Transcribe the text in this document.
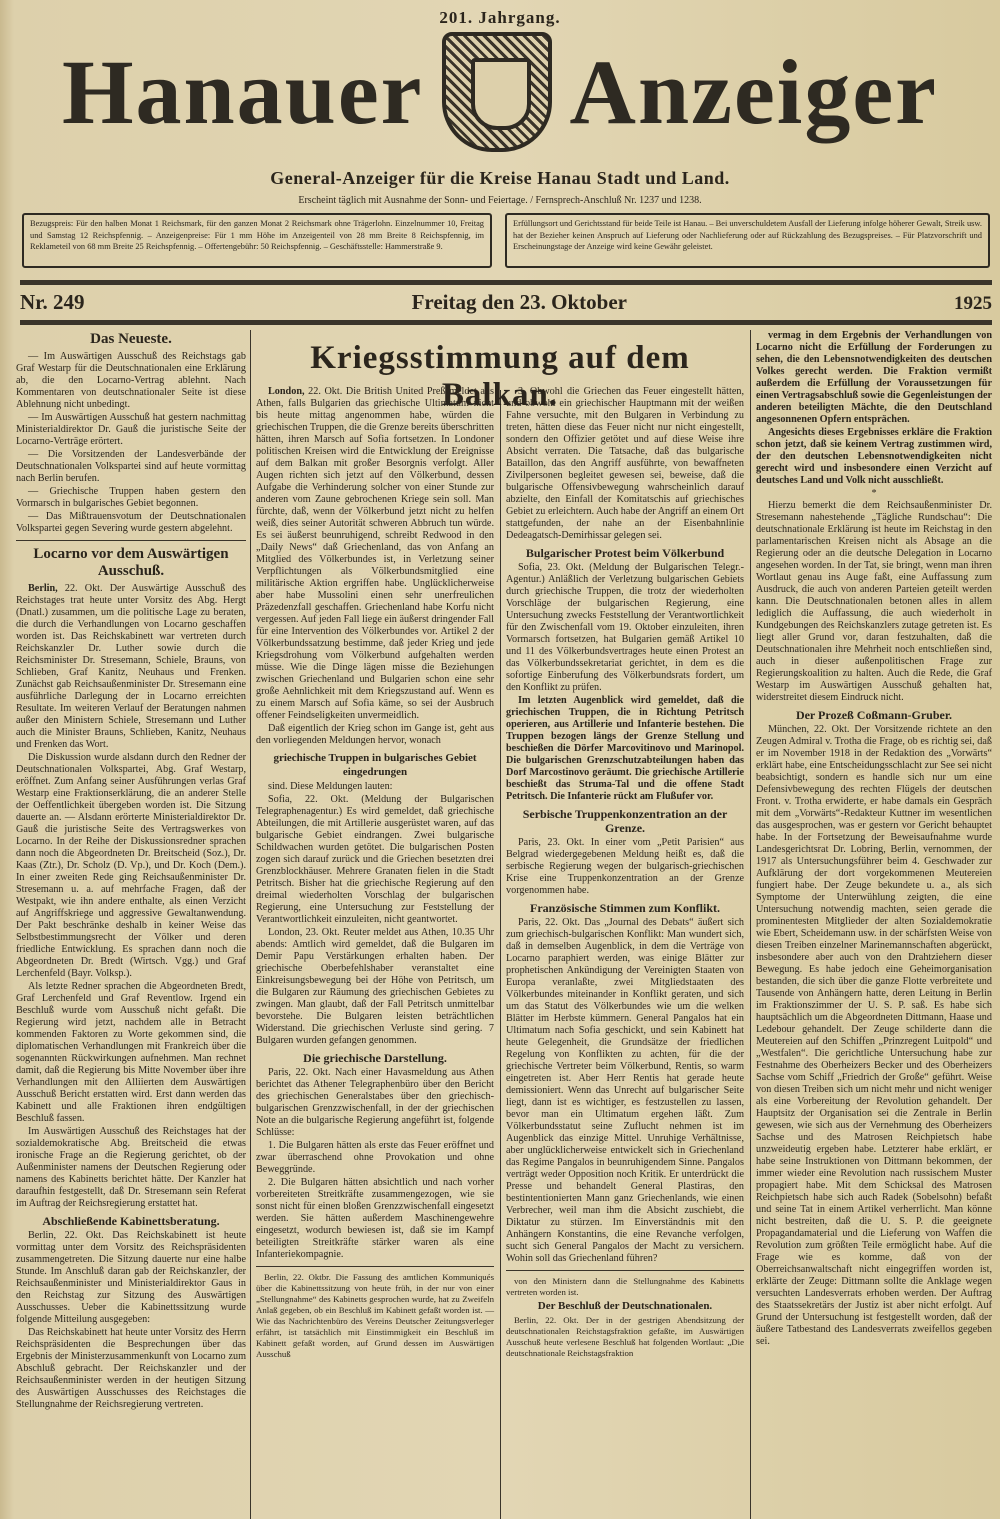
201. Jahrgang.
Hanauer Anzeiger
General-Anzeiger für die Kreise Hanau Stadt und Land.
Erscheint täglich mit Ausnahme der Sonn- und Feiertage. / Fernsprech-Anschluß Nr. 1237 und 1238.
Bezugspreis: Für den halben Monat 1 Reichsmark, für den ganzen Monat 2 Reichsmark ohne Trägerlohn. Einzelnummer 10, Freitag und Samstag 12 Reichspfennig. – Anzeigenpreise: Für 1 mm Höhe im Anzeigenteil von 28 mm Breite 8 Reichspfennig, im Reklameteil von 68 mm Breite 25 Reichspfennig. – Offertengebühr: 50 Reichspfennig. – Geschäftsstelle: Hammerstraße 9.
Erfüllungsort und Gerichtsstand für beide Teile ist Hanau. – Bei unverschuldetem Ausfall der Lieferung infolge höherer Gewalt, Streik usw. hat der Bezieher keinen Anspruch auf Lieferung oder Nachlieferung oder auf Rückzahlung des Bezugspreises. – Für Platzvorschrift und Erscheinungstage der Anzeige wird keine Gewähr geleistet.
Nr. 249	Freitag den 23. Oktober	1925
Das Neueste.

— Im Auswärtigen Ausschuß des Reichstags gab Graf Westarp für die Deutschnationalen eine Erklärung ab, die den Locarno-Vertrag ablehnt. Nach Kommentaren von deutschnationaler Seite ist diese Ablehnung nicht unbedingt.

— Im Auswärtigen Ausschuß hat gestern nachmittag Ministerialdirektor Dr. Gauß die juristische Seite der Locarno-Verträge erörtert.

— Die Vorsitzenden der Landesverbände der Deutschnationalen Volkspartei sind auf heute vormittag nach Berlin berufen.

— Griechische Truppen haben gestern den Vormarsch in bulgarisches Gebiet begonnen.

— Das Mißtrauensvotum der Deutschnationalen Volkspartei gegen Severing wurde gestern abgelehnt.

Locarno vor dem Auswärtigen Ausschuß.

Berlin, 22. Okt. Der Auswärtige Ausschuß des Reichstages trat heute unter Vorsitz des Abg. Hergt (Dnatl.) zusammen, um die politische Lage zu beraten, die durch die Verhandlungen von Locarno geschaffen worden ist. Das Reichskabinett war vertreten durch Reichskanzler Dr. Luther sowie durch die Reichsminister Dr. Stresemann, Schiele, Brauns, von Schlieben, Graf Kanitz, Neuhaus und Frenken. Zunächst gab Reichsaußenminister Dr. Stresemann eine ausführliche Darlegung der in Locarno erreichten Resultate. Im weiteren Verlauf der Beratungen nahmen außer den Ministern Schiele, Stresemann und Luther auch die Minister Brauns, Schlieben, Kanitz, Neuhaus und Frenken das Wort.

Die Diskussion wurde alsdann durch den Redner der Deutschnationalen Volkspartei, Abg. Graf Westarp, eröffnet. Zum Anfang seiner Ausführungen verlas Graf Westarp eine Fraktionserklärung, die an anderer Stelle der Oeffentlichkeit übergeben worden ist. Die Sitzung dauerte an. — Alsdann erörterte Ministerialdirektor Dr. Gauß die juristische Seite des Vertragswerkes von Locarno. In der Reihe der Diskussionsredner sprachen dann noch die Abgeordneten Dr. Breitscheid (Soz.), Dr. Kaas (Ztr.), Dr. Scholz (D. Vp.), und Dr. Koch (Dem.). In einer zweiten Rede ging Reichsaußenminister Dr. Stresemann u. a. auf mehrfache Fragen, daß der Westpakt, wie ihn andere enthalte, als einen Verzicht auf Angriffskriege und aggressive Gewaltanwendung. Der Pakt beschränke deshalb in keiner Weise das Selbstbestimmungsrecht der Völker und deren friedliche Entwicklung. Es sprachen dann noch die Abgeordneten Dr. Bredt (Wirtsch. Vgg.) und Graf Lerchenfeld (Bayr. Volksp.).

Als letzte Redner sprachen die Abgeordneten Bredt, Graf Lerchenfeld und Graf Reventlow. Irgend ein Beschluß wurde vom Ausschuß nicht gefaßt. Die Regierung wird jetzt, nachdem alle in Betracht kommenden Faktoren zu Worte gekommen sind, die diplomatischen Verhandlungen mit Frankreich über die sogenannten Rückwirkungen aufnehmen. Man rechnet damit, daß die Regierung bis Mitte November über ihre Verhandlungen mit den Alliierten dem Auswärtigen Ausschuß Bericht erstatten wird. Erst dann werden das Kabinett und alle Fraktionen ihren endgültigen Beschluß fassen.

Im Auswärtigen Ausschuß des Reichstages hat der sozialdemokratische Abg. Breitscheid die etwas ironische Frage an die Regierung gerichtet, ob der Außenminister namens der Deutschen Regierung oder namens des Kabinetts berichtet hätte. Der Kanzler hat daraufhin festgestellt, daß Dr. Stresemann sein Referat im Auftrag der Reichsregierung erstattet hat.

Abschließende Kabinettsberatung.

Berlin, 22. Okt. Das Reichskabinett ist heute vormittag unter dem Vorsitz des Reichspräsidenten zusammengetreten. Die Sitzung dauerte nur eine halbe Stunde. Im Anschluß daran gab der Reichskanzler, der Reichsaußenminister und Ministerialdirektor Gaus in den Reichstag zur Sitzung des Auswärtigen Ausschusses. Ueber die Kabinettssitzung wurde folgende Mitteilung ausgegeben:

Das Reichskabinett hat heute unter Vorsitz des Herrn Reichspräsidenten die Besprechungen über das Ergebnis der Ministerzusammenkunft von Locarno zum Abschluß gebracht. Der Reichskanzler und der Reichsaußenminister werden in der heutigen Sitzung des Auswärtigen Ausschusses des Reichstages die Stellungnahme der Reichsregierung vertreten.

Kriegsstimmung auf dem Balkan.

London, 22. Okt. Die British United Preß meldet aus Athen, falls Bulgarien das griechische Ultimatum nicht bis heute mittag angenommen habe, würden die griechischen Truppen, die die Grenze bereits überschritten hätten, ihren Marsch auf Sofia fortsetzen. In Londoner politischen Kreisen wird die Entwicklung der Ereignisse auf dem Balkan mit großer Besorgnis verfolgt. Aller Augen richten sich jetzt auf den Völkerbund, dessen Aufgabe die Verhinderung solcher von einer Stunde zur anderen vom Zaune gebrochenen Kriege sein soll. Man fürchte, daß, wenn der Völkerbund jetzt nicht zu helfen weiß, dies seiner Autorität schweren Abbruch tun würde. Es sei äußerst beunruhigend, schreibt Redwood in den „Daily News“ daß Griechenland, das von Anfang an Mitglied des Völkerbundes ist, in Verletzung seiner Verpflichtungen als Völkerbundsmitglied eine militärische Aktion ergriffen habe. Unglücklicherweise aber habe Mussolini einen sehr unerfreulichen Präzedenzfall geschaffen. Griechenland habe Korfu nicht vergessen. Auf jeden Fall liege ein äußerst dringender Fall für eine Intervention des Völkerbundes vor. Artikel 2 der Völkerbundssatzung bestimme, daß jeder Krieg und jede Kriegsdrohung vom Völkerbund aufgehalten werden müsse. Wie die Dinge lägen misse die Beziehungen zwischen Griechenland und Bulgarien schon eine sehr große Aehnlichkeit mit dem Kriegszustand auf. Wenn es zu einem Marsch auf Sofia käme, so sei der Ausbruch offener Feindseligkeiten unvermeidlich.

Daß eigentlich der Krieg schon im Gange ist, geht aus den vorliegenden Meldungen hervor, wonach

griechische Truppen in bulgarisches Gebiet eingedrungen

sind. Diese Meldungen lauten:

Sofia, 22. Okt. (Meldung der Bulgarischen Telegraphenagentur.) Es wird gemeldet, daß griechische Abteilungen, die mit Artillerie ausgerüstet waren, auf das bulgarische Gebiet eindrangen. Zwei bulgarische Schildwachen wurden getötet. Die bulgarischen Posten zogen sich darauf zurück und die Griechen besetzten drei Grenzblockhäuser. Mehrere Granaten fielen in die Stadt Petritsch. Bisher hat die griechische Regierung auf den dreimal wiederholten Vorschlag der bulgarischen Regierung, eine Untersuchung zur Feststellung der Verantwortlichkeit einzuleiten, nicht geantwortet.

London, 23. Okt. Reuter meldet aus Athen, 10.35 Uhr abends: Amtlich wird gemeldet, daß die Bulgaren im Demir Papu Verstärkungen erhalten haben. Der griechische Oberbefehlshaber veranstaltet eine Einkreisungsbewegung bei der Höhe von Petritsch, um die Bulgaren zur Räumung des griechischen Gebietes zu zwingen. Man glaubt, daß der Fall Petritsch unmittelbar bevorstehe. Die Bulgaren leisten beträchtlichen Widerstand. Die griechischen Verluste sind gering. 7 Bulgaren wurden gefangen genommen.

Die griechische Darstellung.

Paris, 22. Okt. Nach einer Havasmeldung aus Athen berichtet das Athener Telegraphenbüro über den Bericht des griechischen Generalstabes über den griechisch-bulgarischen Grenzzwischenfall, in der der griechischen Note an die bulgarische Regierung angeführt ist, folgende Schlüsse:

1. Die Bulgaren hätten als erste das Feuer eröffnet und zwar überraschend ohne Provokation und ohne Beweggründe.

2. Die Bulgaren hätten absichtlich und nach vorher vorbereiteten Streitkräfte zusammengezogen, wie sie sonst nicht für einen bloßen Grenzzwischenfall eingesetzt werden. Sie hätten außerdem Maschinengewehre eingesetzt, wodurch bewiesen ist, daß sie im Kampf beteiligten Streitkräfte stärker waren als eine Infanteriekompagnie.

Berlin, 22. Oktbr. Die Fassung des amtlichen Kommuniqués über die Kabinettssitzung von heute früh, in der nur von einer „Stellungnahme“ des Kabinetts gesprochen wurde, hat zu Zweifeln Anlaß gegeben, ob ein Beschluß im Kabinett gefaßt worden ist. — Wie das Nachrichtenbüro des Vereins Deutscher Zeitungsverleger erfährt, ist tatsächlich mit Einstimmigkeit ein Beschluß im Kabinett gefaßt worden, auf Grund dessen im Auswärtigen Ausschuß

3. Obwohl die Griechen das Feuer eingestellt hätten, und obwohl ein griechischer Hauptmann mit der weißen Fahne versuchte, mit den Bulgaren in Verbindung zu treten, hätten diese das Feuer nicht nur nicht eingestellt, sondern den Offizier getötet und auf diese Weise ihre Absicht verraten. Die Tatsache, daß das bulgarische Bataillon, das den Angriff ausführte, von bewaffneten Zivilpersonen begleitet gewesen sei, beweise, daß die bulgarische Offensivbewegung wahrscheinlich darauf abzielte, den Einfall der Komitatschis auf griechisches Gebiet zu erleichtern. Auch habe der Angriff an einem Ort stattgefunden, der nahe an der Eisenbahnlinie Dedeagatsch-Demirhissar gelegen sei.

Bulgarischer Protest beim Völkerbund

Sofia, 23. Okt. (Meldung der Bulgarischen Telegr.-Agentur.) Anläßlich der Verletzung bulgarischen Gebiets durch griechische Truppen, die trotz der wiederholten Vorschläge der bulgarischen Regierung, eine Untersuchung zwecks Feststellung der Verantwortlichkeit für den Zwischenfall vom 19. Oktober einzuleiten, ihren Vormarsch fortsetzen, hat Bulgarien gemäß Artikel 10 und 11 des Völkerbundsvertrages heute einen Protest an das Völkerbundssekretariat gerichtet, in dem es die sofortige Einberufung des Völkerbundsrats fordert, um den Konflikt zu prüfen.

Im letzten Augenblick wird gemeldet, daß die griechischen Truppen, die in Richtung Petritsch operieren, aus Artillerie und Infanterie bestehen. Die Truppen bezogen längs der Grenze Stellung und beschießen die Dörfer Marcovitinovo und Marinopol. Die bulgarischen Grenzschutzabteilungen haben das Dorf Marcostinovo geräumt. Die griechische Artillerie beschießt das Struma-Tal und die offene Stadt Petritsch. Die Infanterie rückt am Flußufer vor.

Serbische Truppenkonzentration an der Grenze.

Paris, 23. Okt. In einer vom „Petit Parisien“ aus Belgrad wiedergegebenen Meldung heißt es, daß die serbische Regierung wegen der bulgarisch-griechischen Krise eine Truppenkonzentration an der Grenze vorgenommen habe.

Französische Stimmen zum Konflikt.

Paris, 22. Okt. Das „Journal des Debats“ äußert sich zum griechisch-bulgarischen Konflikt: Man wundert sich, daß in demselben Augenblick, in dem die Verträge von Locarno paraphiert werden, was einige Blätter zur prophetischen Ankündigung der Vereinigten Staaten von Europa veranlaßte, zwei Mitgliedstaaten des Völkerbundes miteinander in Konflikt geraten, und sich um das Statut des Völkerbundes wie um die welken Blätter im Herbste kümmern. General Pangalos hat ein Ultimatum nach Sofia geschickt, und sein Kabinett hat heute Gelegenheit, die Grundsätze der friedlichen Regelung von Konflikten zu achten, für die der griechische Vertreter beim Völkerbund, Rentis, so warm eingetreten ist. Aber Herr Rentis hat gerade heute demissioniert. Wenn das Unrecht auf bulgarischer Seite liegt, dann ist es wichtiger, es festzustellen zu lassen, bevor man ein Ultimatum ergehen läßt. Zum Völkerbundsstatut seine Zuflucht nehmen ist im Augenblick das einzige Mittel. Unruhige Verhältnisse, aber unglücklicherweise entwickelt sich in Griechenland das Regime Pangalos in beunruhigendem Sinne. Pangalos verträgt weder Opposition noch Kritik. Er unterdrückt die Presse und behandelt General Plastiras, den bestintentionierten Mann ganz Griechenlands, wie einen Verbrecher, weil man ihm die Absicht zuschiebt, die Diktatur zu stürzen. Im Einverständnis mit den Anhängern Konstantins, die eine Revanche verfolgen, sucht sich General Pangalos der Macht zu versichern. Wohin soll das Griechenland führen?

von den Ministern dann die Stellungnahme des Kabinetts vertreten worden ist.

Der Beschluß der Deutschnationalen.

Berlin, 22. Okt. Der in der gestrigen Abendsitzung der deutschnationalen Reichstagsfraktion gefaßte, im Auswärtigen Ausschuß heute verlesene Beschluß hat folgenden Wortlaut: „Die deutschnationale Reichstagsfraktion

vermag in dem Ergebnis der Verhandlungen von Locarno nicht die Erfüllung der Forderungen zu sehen, die den Lebensnotwendigkeiten des deutschen Volkes gerecht werden. Die Fraktion vermißt außerdem die Erfüllung der Voraussetzungen für einen Vertragsabschluß sowie die Gegenleistungen der anderen beteiligten Mächte, die den Deutschland angesonnenen Opfern entsprächen.

Angesichts dieses Ergebnisses erkläre die Fraktion schon jetzt, daß sie keinem Vertrag zustimmen wird, der den deutschen Lebensnotwendigkeiten nicht gerecht wird und insbesondere einen Verzicht auf deutsches Land und Volk nicht ausschließt.

*

Hierzu bemerkt die dem Reichsaußenminister Dr. Stresemann nahestehende „Tägliche Rundschau“: Die deutschnationale Erklärung ist heute im Reichstag in den parlamentarischen Kreisen nicht als Absage an die Regierung oder an die deutsche Delegation in Locarno angesehen worden. In der Tat, sie bringt, wenn man ihren Wortlaut genau ins Auge faßt, eine Auffassung zum Ausdruck, die auch von anderen Parteien geteilt werden kann. Die Deutschnationalen betonen alles in allem lediglich die Auffassung, die auch wiederholt in Kundgebungen des Reichskanzlers zutage getreten ist. Es liegt aller Grund vor, daran festzuhalten, daß die Deutschnationalen ihre Mehrheit noch entschließen sind, auch in dieser außenpolitischen Frage zur Regierungskoalition zu halten. Auch die Rede, die Graf Westarp im Auswärtigen Ausschuß gehalten hat, widerstreitet diesem Eindruck nicht.

Der Prozeß Coßmann-Gruber.

München, 22. Okt. Der Vorsitzende richtete an den Zeugen Admiral v. Trotha die Frage, ob es richtig sei, daß er im November 1918 in der Redaktion des „Vorwärts“ erklärt habe, eine Entscheidungsschlacht zur See sei nicht beabsichtigt, sondern es handle sich nur um eine Defensivbewegung des rechten Flügels der deutschen Front. v. Trotha erwiderte, er habe damals ein Gespräch mit dem „Vorwärts“-Redakteur Kuttner im wesentlichen das ausgesprochen, was er gestern vor Gericht behauptet habe. In der Fortsetzung der Beweisaufnahme wurde Landesgerichtsrat Dr. Lobring, Berlin, vernommen, der 1917 als Untersuchungsführer beim 4. Geschwader zur Aufklärung der dort vorgekommenen Meutereien fungiert habe. Der Zeuge bekundete u. a., als sich Symptome der Unterwühlung zeigten, die eine Untersuchung notwendig machten, seien gerade die prominentesten Mitglieder der alten Sozialdemokratie wie Ebert, Scheidemann usw. in der schärfsten Weise von diesen Treiben einzelner Marinemannschaften abgerückt, insbesondere aber auch von den Drahtziehern dieser Bewegung. Es habe jedoch eine Geheimorganisation bestanden, die sich über die ganze Flotte verbreitete und Tausende von Anhängern hatte, deren Leitung in Berlin im Fraktionszimmer der U. S. P. saß. Es habe sich hauptsächlich um die Abgeordneten Dittmann, Haase und Ledebour gehandelt. Der Zeuge schilderte dann die Meutereien auf den Schiffen „Prinzregent Luitpold“ und „Westfalen“. Die gerichtliche Untersuchung habe zur Festnahme des Oberheizers Becker und des Oberheizers Sachse vom Schiff „Friedrich der Große“ geführt. Weise von diesen Treiben sich um nicht mehr und nicht weniger als eine Vorbereitung der Revolution gehandelt. Der Hauptsitz der Organisation sei die Zentrale in Berlin gewesen, wie sich aus der Vernehmung des Oberheizers Sachse und des Matrosen Reichpietsch habe unzweideutig ergeben habe. Letzterer habe erklärt, er habe seine Instruktionen von Dittmann bekommen, der immer wieder eine Revolution nach russischem Muster propagiert habe. Mit dem Schicksal des Matrosen Reichpietsch habe sich auch Radek (Sobelsohn) befaßt und seine Tat in einem Artikel verherrlicht. Man könne nicht bestreiten, daß die U. S. P. die geeignete Propagandamaterial und die Lieferung von Waffen die Revolution zum größten Teile ermöglicht habe. Auf die Frage wie es komme, daß von der Oberreichsanwaltschaft nicht eingegriffen worden ist, erklärte der Zeuge: Dittmann sollte die Anklage wegen versuchten Landesverrats erhoben werden. Der Auftrag des Staatssekretärs der Justiz ist aber nicht erfolgt. Auf Grund der Untersuchung ist festgestellt worden, daß der äußere Tatbestand des Landesverrats zweifellos gegeben sei.
